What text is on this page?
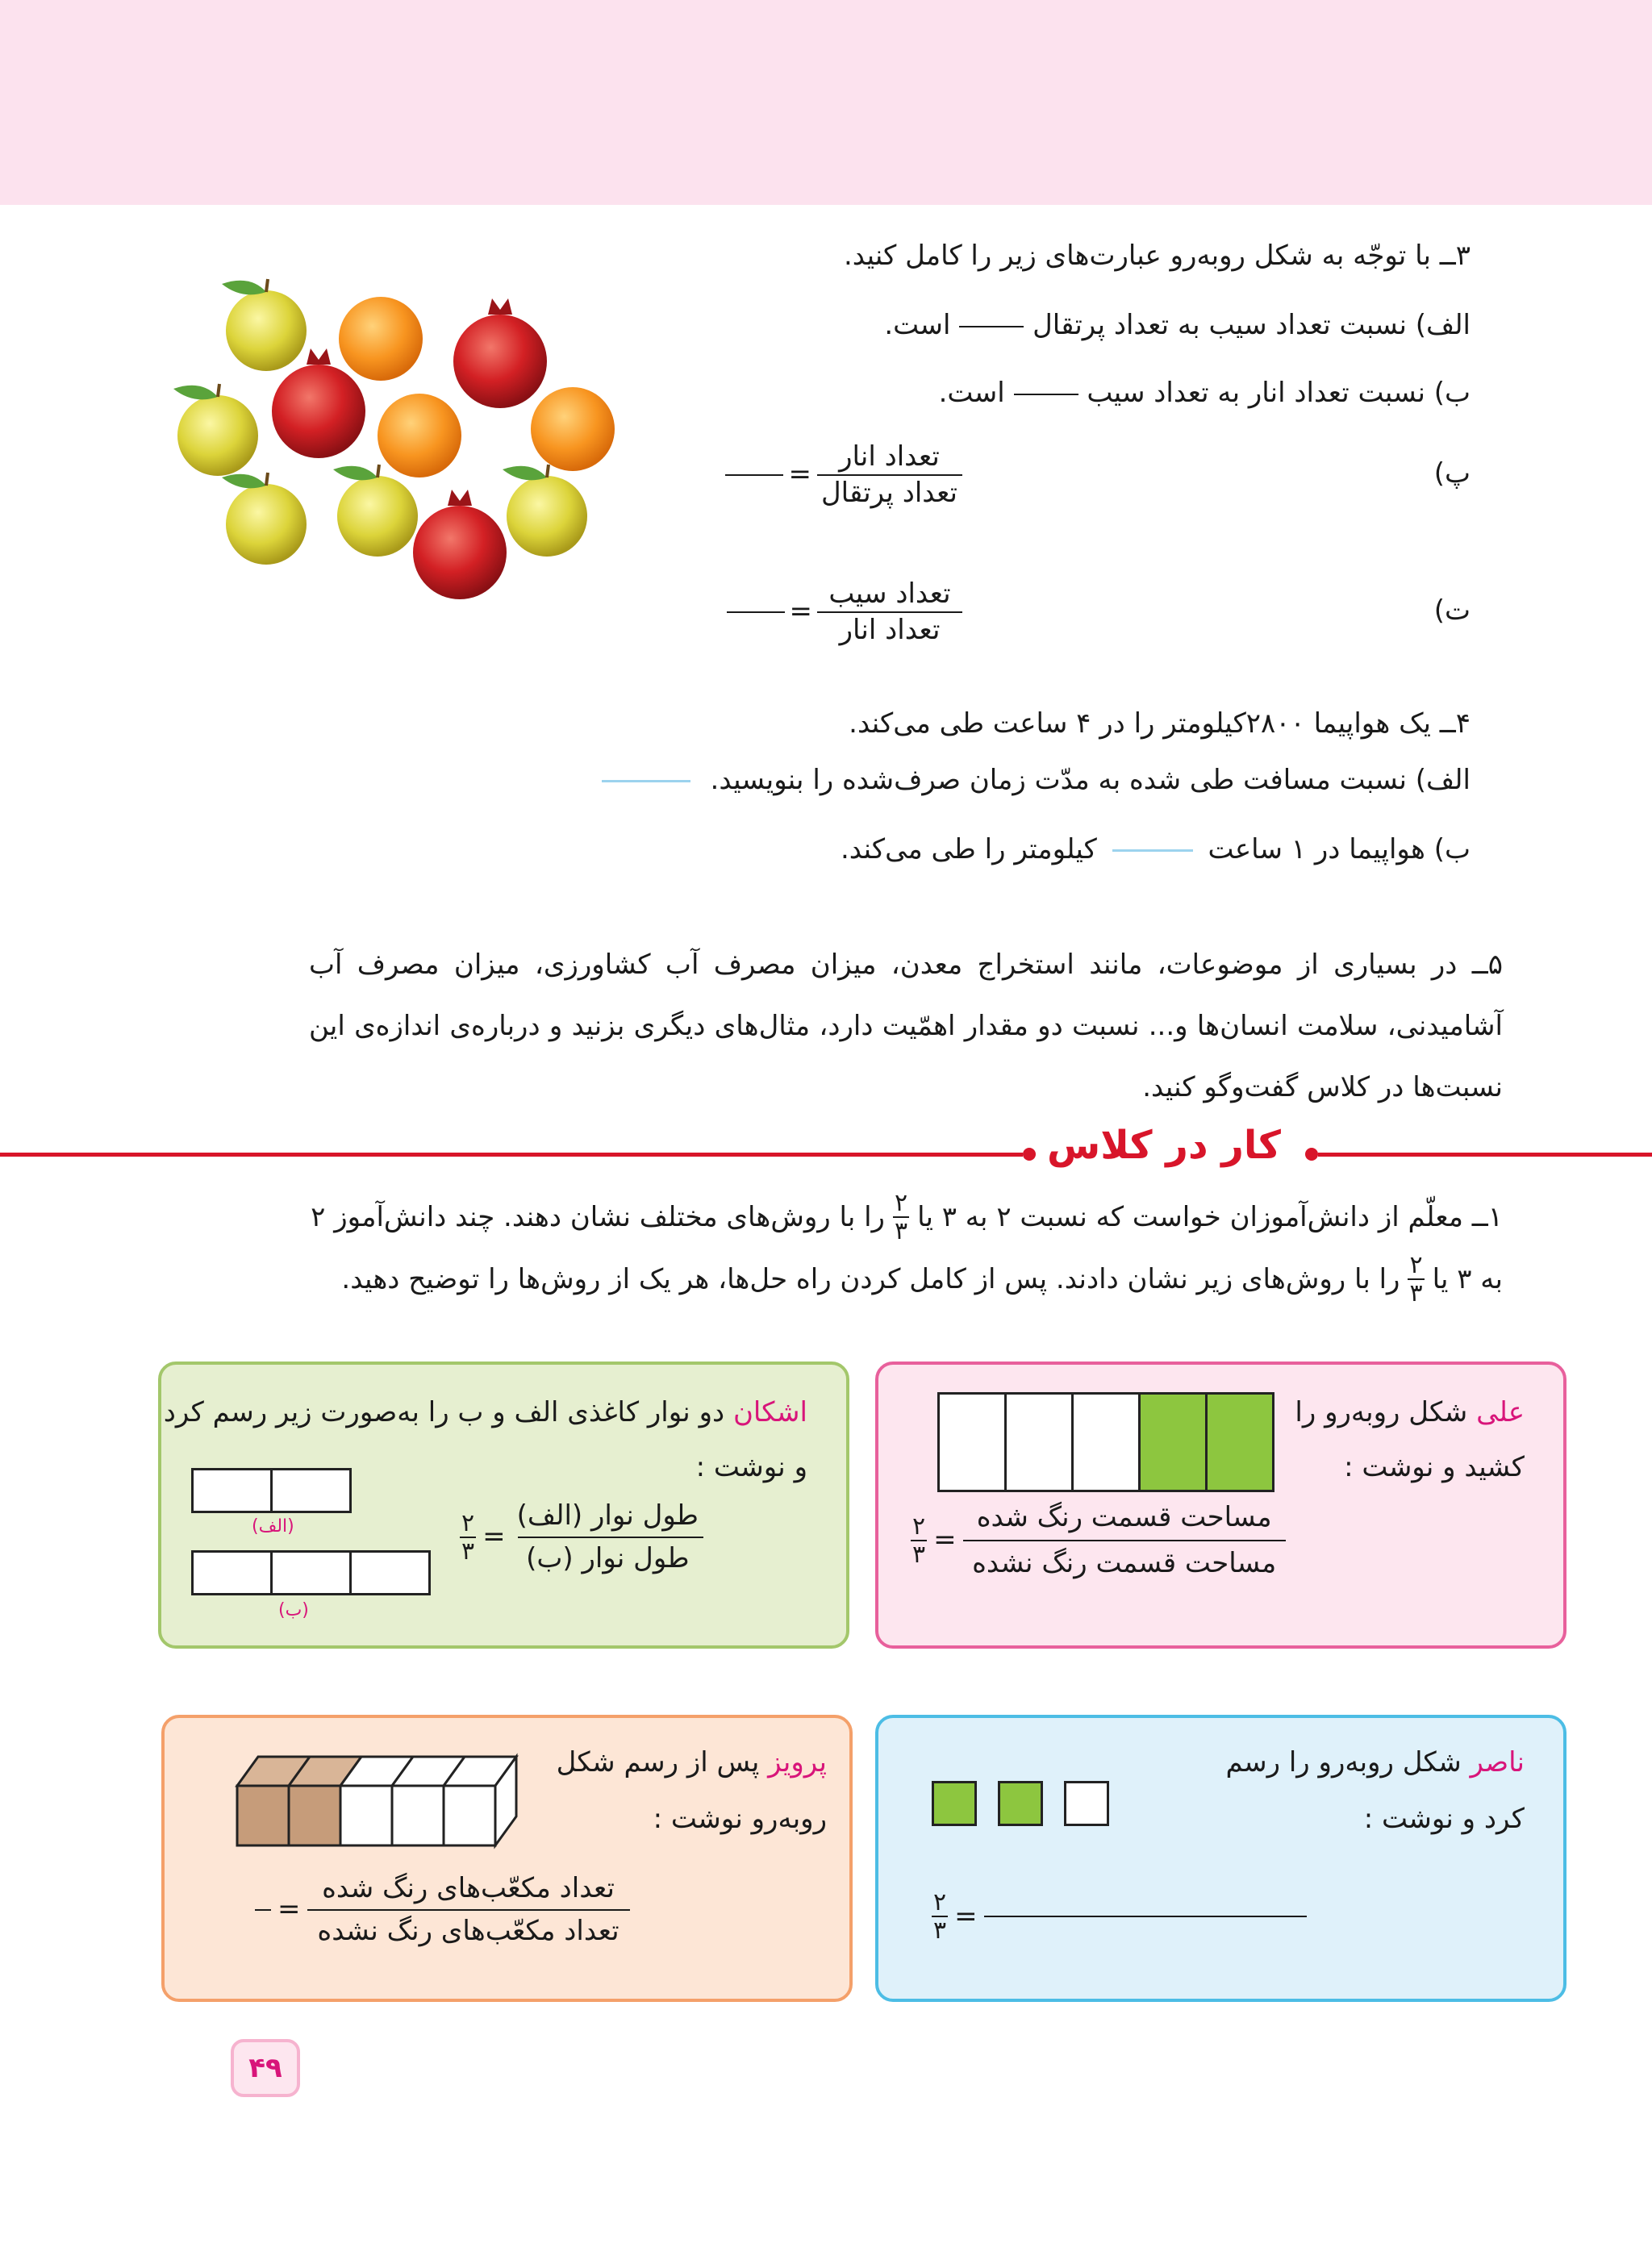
۳ــ با توجّه به شکل روبه‌رو عبارت‌های زیر را کامل کنید.
الف) نسبت تعداد سیب به تعداد پرتقال  است.
ب) نسبت تعداد انار به تعداد سیب  است.
پ)
$\frac{\text{تعداد انار}}{\text{تعداد پرتقال}}$
=
ت)
$\frac{\text{تعداد سیب}}{\text{تعداد انار}}$
=
۴ــ یک هواپیما ۲۸۰۰کیلومتر را در ۴ ساعت طی می‌کند.
الف) نسبت مسافت طی شده به مدّت زمان صرف‌شده را بنویسید.
ب) هواپیما در ۱ ساعت  کیلومتر را طی می‌کند.
۵ــ در بسیاری از موضوعات، مانند استخراج معدن، میزان مصرف آب کشاورزی، میزان مصرف آب آشامیدنی، سلامت انسان‌ها و... نسبت دو مقدار اهمّیت دارد، مثال‌های دیگری بزنید و درباره‌ی اندازه‌ی این نسبت‌ها در کلاس گفت‌وگو کنید.
کار در کلاس
۱ــ معلّم از دانش‌آموزان خواست که نسبت ۲ به ۳ یا
$\frac{۲}{۳}$
را با روش‌های مختلف نشان دهند. چند دانش‌آموز ۲
به ۳ یا
$\frac{۲}{۳}$
را با روش‌های زیر نشان دادند. پس از کامل کردن راه حل‌ها، هر یک از روش‌ها را توضیح دهید.
علی شکل روبه‌رو را
کشید و نوشت :
$\frac{\text{مساحت قسمت رنگ شده}}{\text{مساحت قسمت رنگ نشده}}$
=
$\frac{۲}{۳}$
اشکان دو نوار کاغذی الف و ب را به‌صورت زیر رسم کرد
و نوشت :
(الف)
(ب)
$\frac{\text{طول نوار (الف)}}{\text{طول نوار (ب)}}$
=
$\frac{۲}{۳}$
ناصر شکل روبه‌رو را رسم
کرد و نوشت :
=
$\frac{۲}{۳}$
پرویز پس از رسم شکل
روبه‌رو نوشت :
$\frac{\text{تعداد مکعّب‌های رنگ شده}}{\text{تعداد مکعّب‌های رنگ نشده}}$
=
۴۹
